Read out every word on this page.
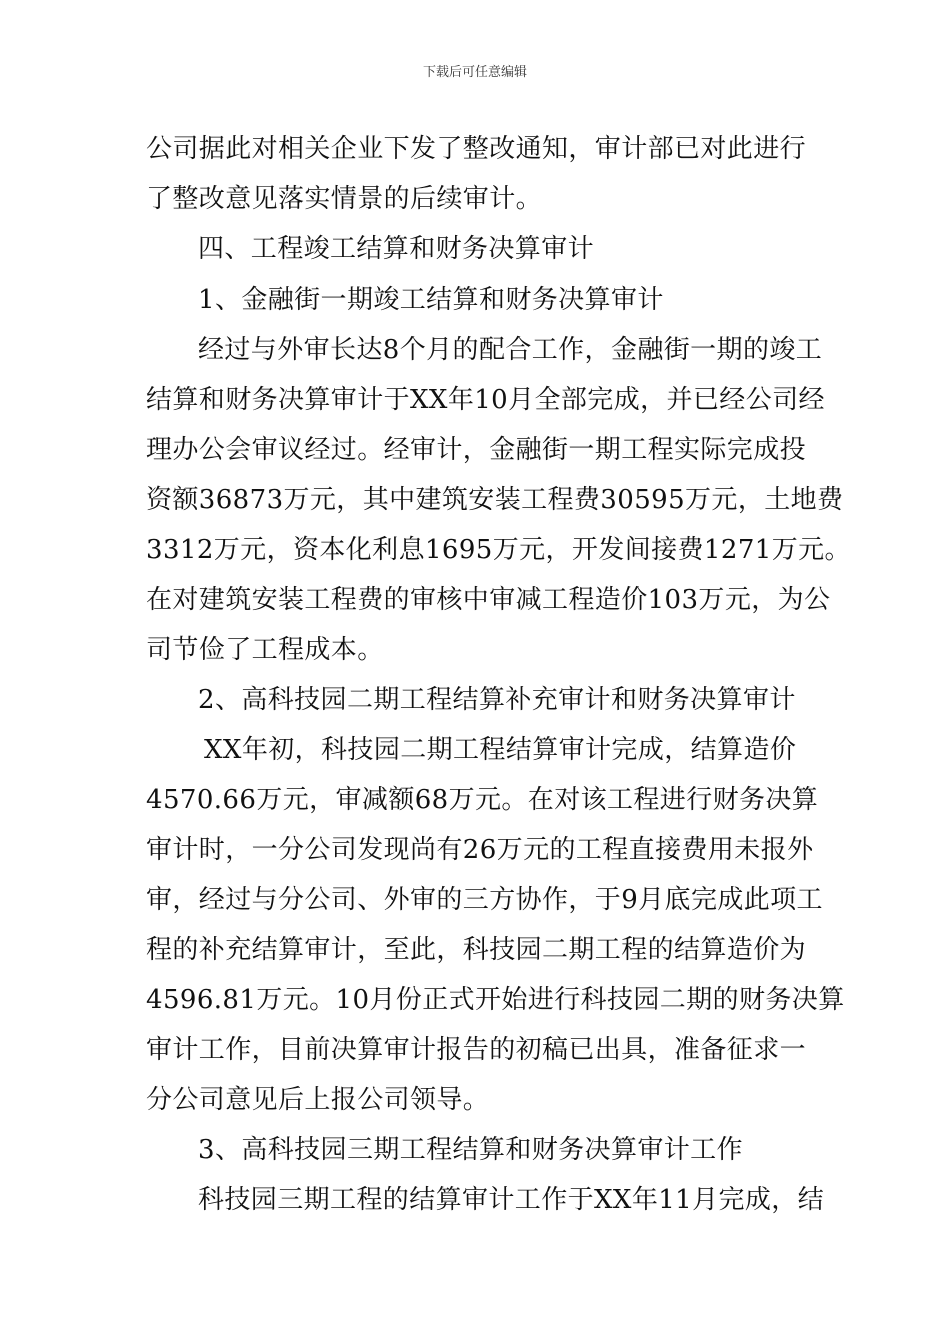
下载后可任意编辑
公司据此对相关企业下发了整改通知，审计部已对此进行
了整改意见落实情景的后续审计。
四、工程竣工结算和财务决算审计
1、金融街一期竣工结算和财务决算审计
经过与外审长达8个月的配合工作，金融街一期的竣工
结算和财务决算审计于XX年10月全部完成，并已经公司经
理办公会审议经过。经审计，金融街一期工程实际完成投
资额36873万元，其中建筑安装工程费30595万元，土地费
3312万元，资本化利息1695万元，开发间接费1271万元。
在对建筑安装工程费的审核中审减工程造价103万元，为公
司节俭了工程成本。
2、高科技园二期工程结算补充审计和财务决算审计
XX年初，科技园二期工程结算审计完成，结算造价
4570.66万元，审减额68万元。在对该工程进行财务决算
审计时，一分公司发现尚有26万元的工程直接费用未报外
审，经过与分公司、外审的三方协作，于9月底完成此项工
程的补充结算审计，至此，科技园二期工程的结算造价为
4596.81万元。10月份正式开始进行科技园二期的财务决算
审计工作，目前决算审计报告的初稿已出具，准备征求一
分公司意见后上报公司领导。
3、高科技园三期工程结算和财务决算审计工作
科技园三期工程的结算审计工作于XX年11月完成，结
